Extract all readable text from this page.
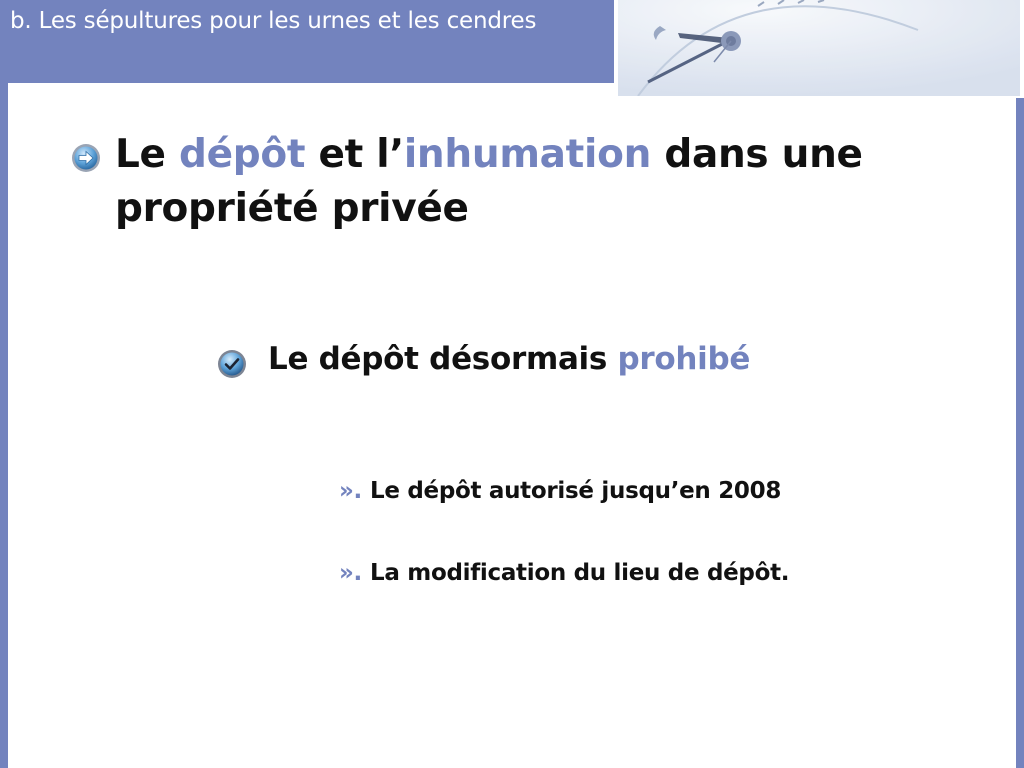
b. Les sépultures pour les urnes et les cendres
Le dépôt et l’inhumation dans une propriété privée
Le dépôt désormais prohibé
». Le dépôt autorisé jusqu’en 2008
». La modification du lieu de dépôt.
